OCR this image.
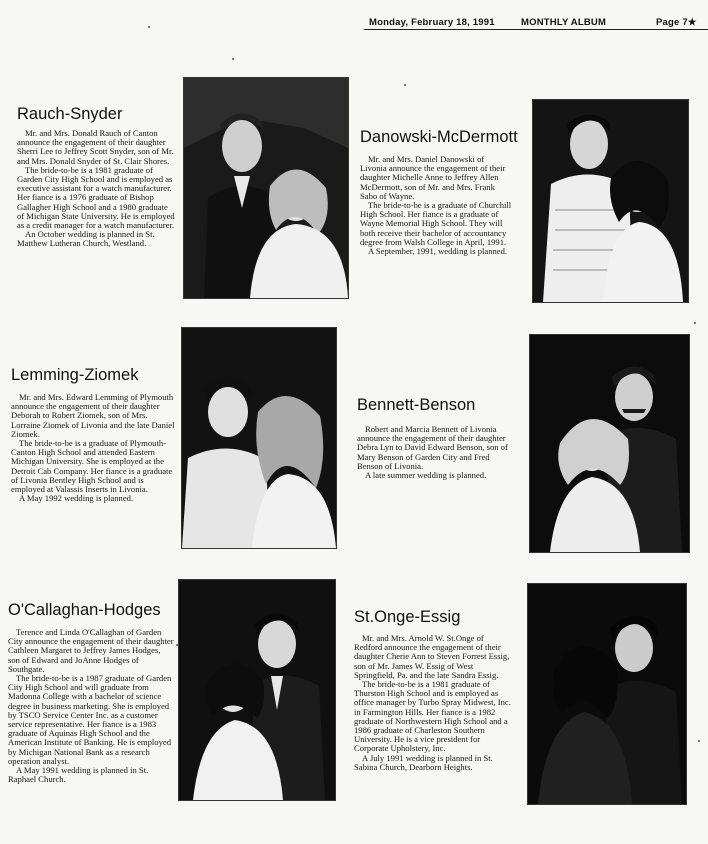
Monday, February 18, 1991	MONTHLY ALBUM	Page 7★
Rauch-Snyder

Mr. and Mrs. Donald Rauch of Canton announce the engagement of their daughter Sherri Lee to Jeffrey Scott Snyder, son of Mr. and Mrs. Donald Snyder of St. Clair Shores.

The bride-to-be is a 1981 graduate of Garden City High School and is employed as executive assistant for a watch manufacturer. Her fiance is a 1976 graduate of Bishop Gallagher High School and a 1980 graduate of Michigan State University. He is employed as a credit manager for a watch manufacturer.

An October wedding is planned in St. Matthew Lutheran Church, Westland.

Danowski-McDermott

Mr. and Mrs. Daniel Danowski of Livonia announce the engagement of their daughter Michelle Anne to Jeffrey Allen McDermott, son of Mr. and Mrs. Frank Sabo of Wayne.

The bride-to-be is a graduate of Churchill High School. Her fiance is a graduate of Wayne Memorial High School. They will both receive their bachelor of accountancy degree from Walsh College in April, 1991.

A September, 1991, wedding is planned.

Lemming-Ziomek

Mr. and Mrs. Edward Lemming of Plymouth announce the engagement of their daughter Deborah to Robert Ziomek, son of Mrs. Lorraine Ziomek of Livonia and the late Daniel Ziomek.

The bride-to-be is a graduate of Plymouth-Canton High School and attended Eastern Michigan University. She is employed at the Detroit Cab Company. Her fiance is a graduate of Livonia Bentley High School and is employed at Valassis Inserts in Livonia.

A May 1992 wedding is planned.

Bennett-Benson

Robert and Marcia Bennett of Livonia announce the engagement of their daughter Debra Lyn to David Edward Benson, son of Mary Benson of Garden City and Fred Benson of Livonia.

A late summer wedding is planned.

O'Callaghan-Hodges

Terence and Linda O'Callaghan of Garden City announce the engagement of their daughter Cathleen Margaret to Jeffrey James Hodges, son of Edward and JoAnne Hodges of Southgate.

The bride-to-be is a 1987 graduate of Garden City High School and will graduate from Madonna College with a bachelor of science degree in business marketing. She is employed by TSCO Service Center Inc. as a customer service representative. Her fiance is a 1983 graduate of Aquinas High School and the American Institute of Banking. He is employed by Michigan National Bank as a research operation analyst.

A May 1991 wedding is planned in St. Raphael Church.

St.Onge-Essig

Mr. and Mrs. Arnold W. St.Onge of Redford announce the engagement of their daughter Cherie Ann to Steven Forrest Essig, son of Mr. James W. Essig of West Springfield, Pa. and the late Sandra Essig.

The bride-to-be is a 1981 graduate of Thurston High School and is employed as office manager by Turbo Spray Midwest, Inc. in Farmington Hills. Her fiance is a 1982 graduate of Northwestern High School and a 1986 graduate of Charleston Southern University. He is a vice president for Corporate Upholstery, Inc.

A July 1991 wedding is planned in St. Sabina Church, Dearborn Heights.
